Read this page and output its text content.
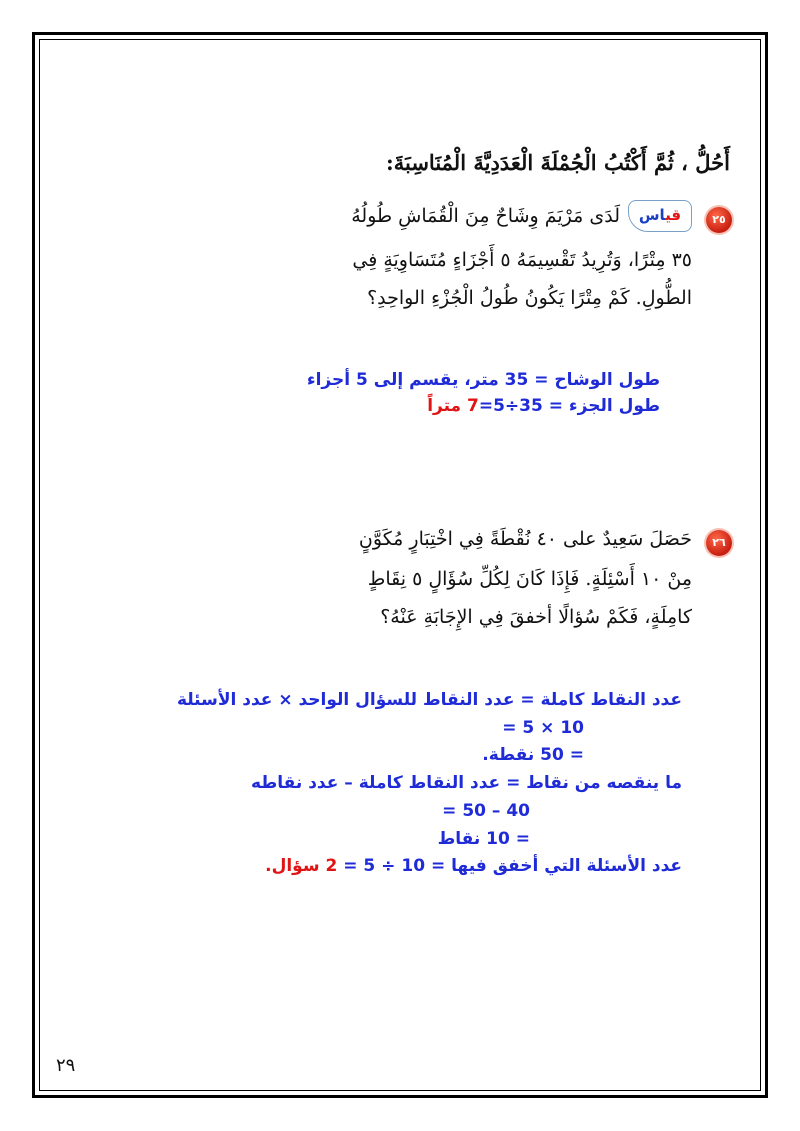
أَحُلُّ ، ثُمَّ أَكْتُبُ الْجُمْلَةَ الْعَدَدِيَّةَ الْمُنَاسِبَةَ:
٢٥
قياس
لَدَى مَرْيَمَ وِشَاحٌ مِنَ الْقُمَاشِ طُولُهُ
٣٥ مِتْرًا، وَتُرِيدُ تَقْسِيمَهُ ٥ أَجْزَاءٍ مُتَسَاوِيَةٍ فِي
الطُّولِ. كَمْ مِتْرًا يَكُونُ طُولُ الْجُزْءِ الواحِدِ؟
طول الوشاح = 35 متر، يقسم إلى 5 أجزاء
طول الجزء = 35÷5=7 متراً
٢٦
حَصَلَ سَعِيدٌ على ٤٠ نُقْطَةً فِي اخْتِبَارٍ مُكَوَّنٍ
مِنْ ١٠ أَسْئِلَةٍ. فَإِذَا كَانَ لِكُلِّ سُؤَالٍ ٥ نِقَاطٍ
كامِلَةٍ، فَكَمْ سُؤالًا أخفقَ فِي الإِجَابَةِ عَنْهُ؟
عدد النقاط كاملة = عدد النقاط للسؤال الواحد × عدد الأسئلة
= 5 × 10
= 50 نقطة.
ما ينقصه من نقاط = عدد النقاط كاملة – عدد نقاطه
= 50 – 40
= 10 نقاط
عدد الأسئلة التي أخفق فيها = 10 ÷ 5 = 2 سؤال.
٢٩
